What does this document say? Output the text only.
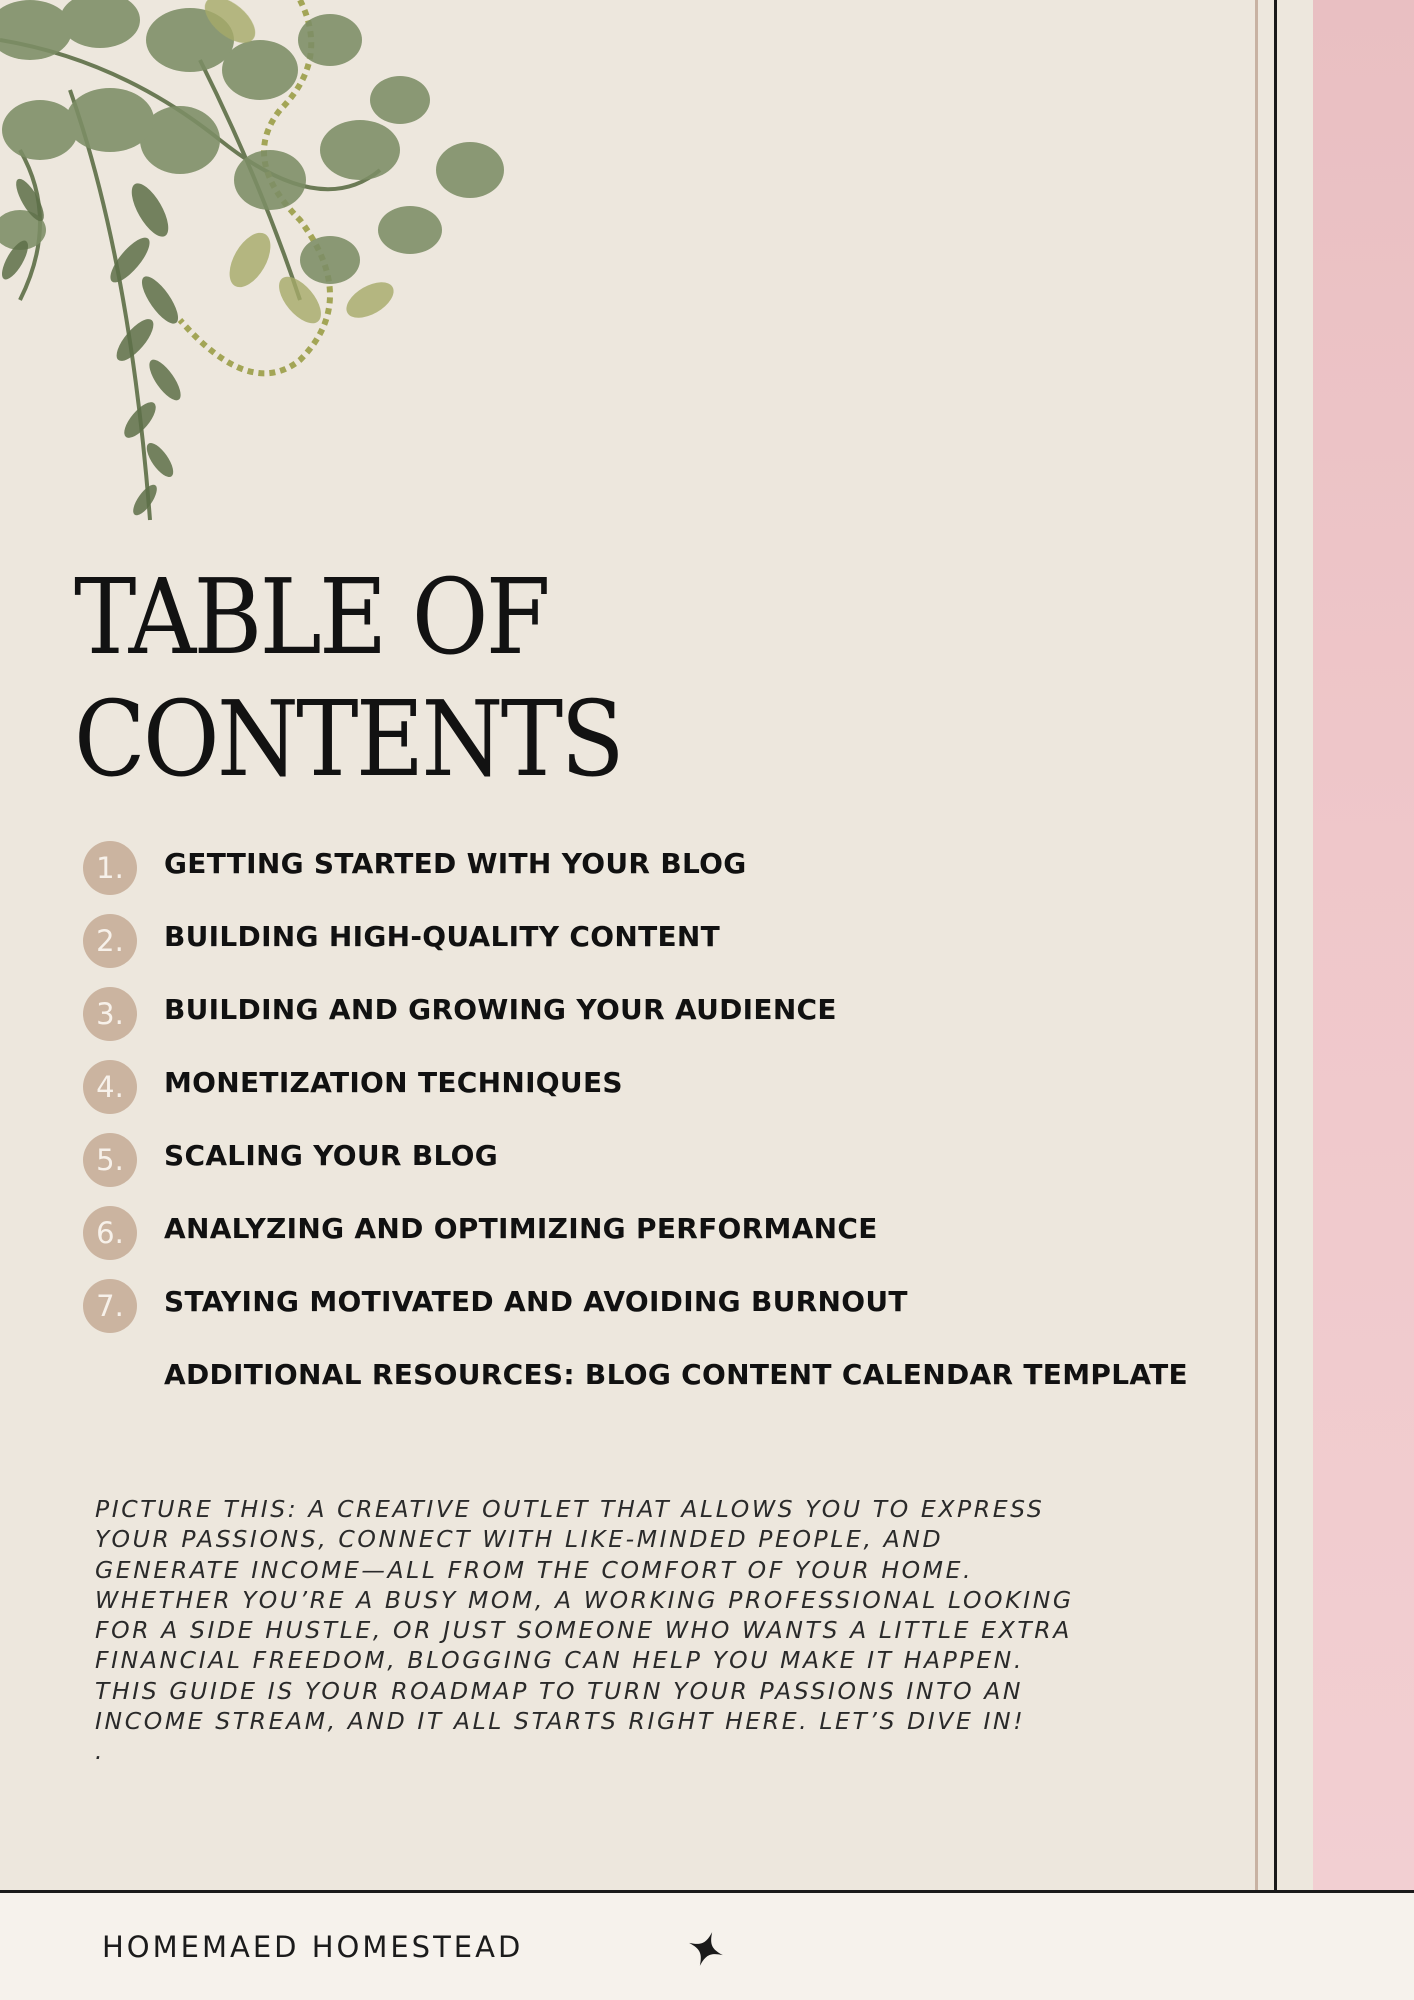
TABLE OF
CONTENTS
1.	GETTING STARTED WITH YOUR BLOG
2.	BUILDING HIGH-QUALITY CONTENT
3.	BUILDING AND GROWING YOUR AUDIENCE
4.	MONETIZATION TECHNIQUES
5.	SCALING YOUR BLOG
6.	ANALYZING AND OPTIMIZING PERFORMANCE
7.	STAYING MOTIVATED AND AVOIDING BURNOUT
ADDITIONAL RESOURCES: BLOG CONTENT CALENDAR TEMPLATE

PICTURE THIS: A CREATIVE OUTLET THAT ALLOWS YOU TO EXPRESS
YOUR PASSIONS, CONNECT WITH LIKE-MINDED PEOPLE, AND
GENERATE INCOME—ALL FROM THE COMFORT OF YOUR HOME.
WHETHER YOU’RE A BUSY MOM, A WORKING PROFESSIONAL LOOKING
FOR A SIDE HUSTLE, OR JUST SOMEONE WHO WANTS A LITTLE EXTRA
FINANCIAL FREEDOM, BLOGGING CAN HELP YOU MAKE IT HAPPEN.
THIS GUIDE IS YOUR ROADMAP TO TURN YOUR PASSIONS INTO AN
INCOME STREAM, AND IT ALL STARTS RIGHT HERE. LET’S DIVE IN!
.

HOMEMAED HOMESTEAD
